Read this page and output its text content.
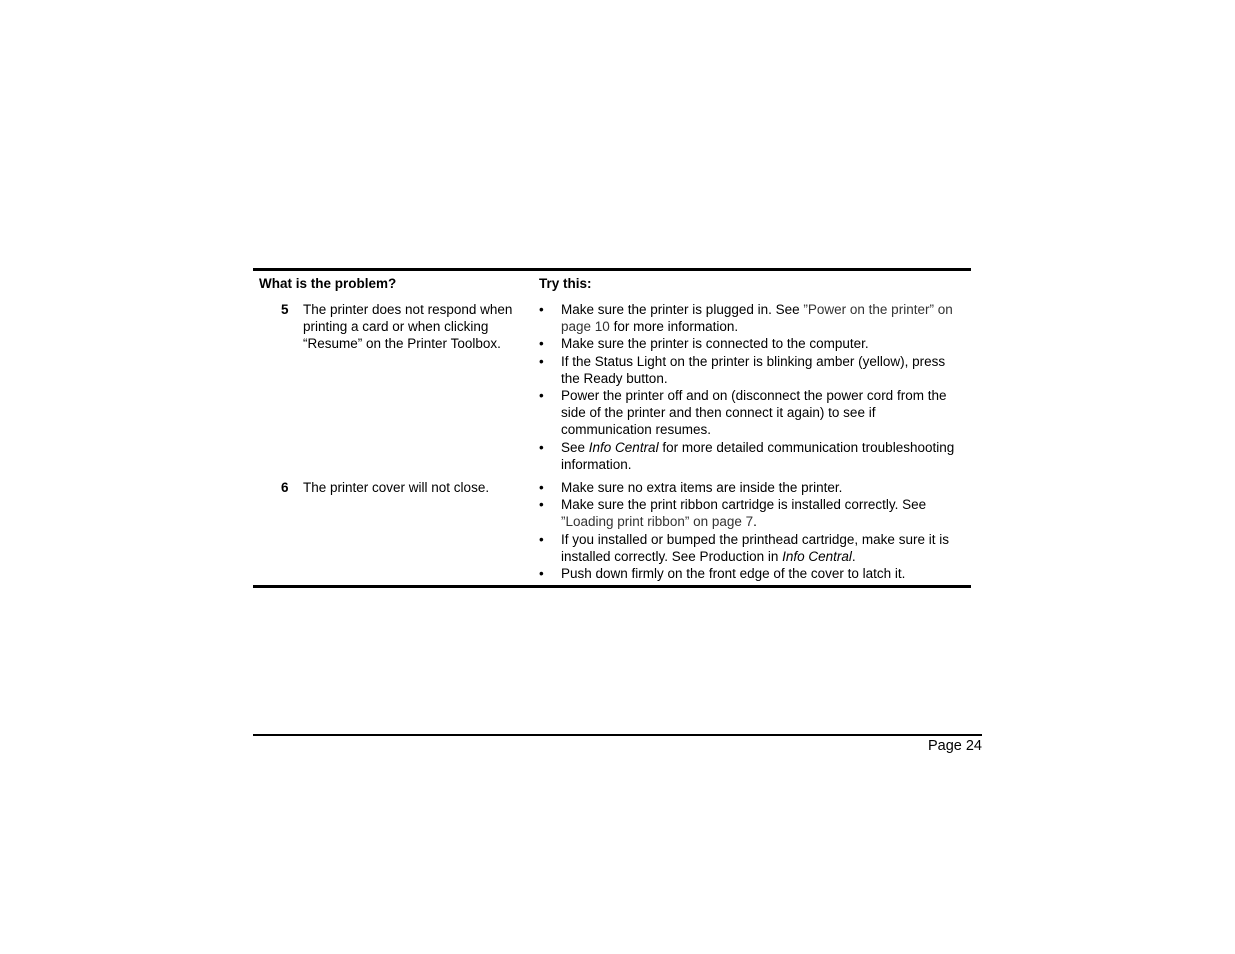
What is the problem?	Try this:
5 The printer does not respond when printing a card or when clicking “Resume” on the Printer Toolbox.
• Make sure the printer is plugged in. See ”Power on the printer” on page 10 for more information.
• Make sure the printer is connected to the computer.
• If the Status Light on the printer is blinking amber (yellow), press the Ready button.
• Power the printer off and on (disconnect the power cord from the side of the printer and then connect it again) to see if communication resumes.
• See Info Central for more detailed communication troubleshooting information.
6 The printer cover will not close.	• Make sure no extra items are inside the printer.
• Make sure the print ribbon cartridge is installed correctly. See ”Loading print ribbon” on page 7.
• If you installed or bumped the printhead cartridge, make sure it is installed correctly. See Production in Info Central.
• Push down firmly on the front edge of the cover to latch it.
Page 24
